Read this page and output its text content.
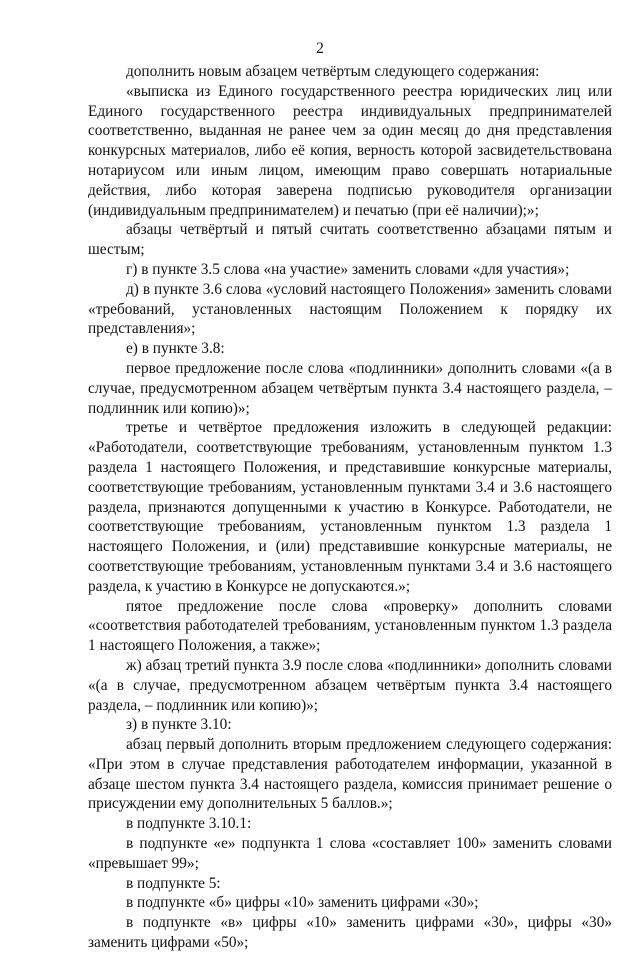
2

дополнить новым абзацем четвёртым следующего содержания:

«выписка из Единого государственного реестра юридических лиц или Единого государственного реестра индивидуальных предпринимателей соответственно, выданная не ранее чем за один месяц до дня представления конкурсных материалов, либо её копия, верность которой засвидетельствована нотариусом или иным лицом, имеющим право совершать нотариальные действия, либо которая заверена подписью руководителя организации (индивидуальным предпринимателем) и печатью (при её наличии);»;

абзацы четвёртый и пятый считать соответственно абзацами пятым и шестым;

г) в пункте 3.5 слова «на участие» заменить словами «для участия»;

д) в пункте 3.6 слова «условий настоящего Положения» заменить словами «требований, установленных настоящим Положением к порядку их представления»;

е) в пункте 3.8:

первое предложение после слова «подлинники» дополнить словами «(а в случае, предусмотренном абзацем четвёртым пункта 3.4 настоящего раздела, – подлинник или копию)»;

третье и четвёртое предложения изложить в следующей редакции: «Работодатели, соответствующие требованиям, установленным пунктом 1.3 раздела 1 настоящего Положения, и представившие конкурсные материалы, соответствующие требованиям, установленным пунктами 3.4 и 3.6 настоящего раздела, признаются допущенными к участию в Конкурсе. Работодатели, не соответствующие требованиям, установленным пунктом 1.3 раздела 1 настоящего Положения, и (или) представившие конкурсные материалы, не соответствующие требованиям, установленным пунктами 3.4 и 3.6 настоящего раздела, к участию в Конкурсе не допускаются.»;

пятое предложение после слова «проверку» дополнить словами «соответствия работодателей требованиям, установленным пунктом 1.3 раздела 1 настоящего Положения, а также»;

ж) абзац третий пункта 3.9 после слова «подлинники» дополнить словами «(а в случае, предусмотренном абзацем четвёртым пункта 3.4 настоящего раздела, – подлинник или копию)»;

з) в пункте 3.10:

абзац первый дополнить вторым предложением следующего содержания: «При этом в случае представления работодателем информации, указанной в абзаце шестом пункта 3.4 настоящего раздела, комиссия принимает решение о присуждении ему дополнительных 5 баллов.»;

в подпункте 3.10.1:

в подпункте «е» подпункта 1 слова «составляет 100» заменить словами «превышает 99»;

в подпункте 5:

в подпункте «б» цифры «10» заменить цифрами «30»;

в подпункте «в» цифры «10» заменить цифрами «30», цифры «30» заменить цифрами «50»;
